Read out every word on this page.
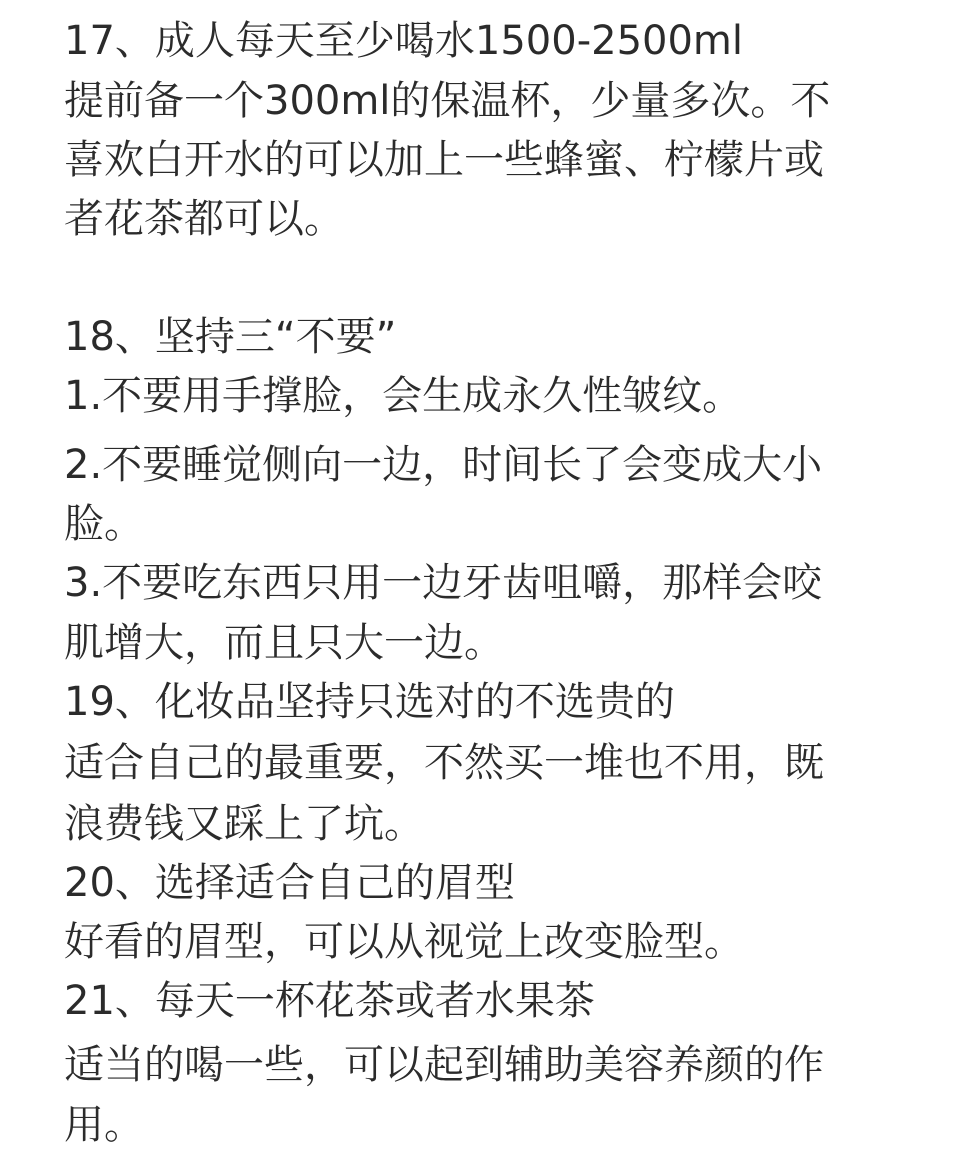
17、成人每天至少喝水1500-2500ml
提前备一个300ml的保温杯，少量多次。不
喜欢白开水的可以加上一些蜂蜜、柠檬片或
者花茶都可以。
18、坚持三“不要”
1.不要用手撑脸，会生成永久性皱纹。
2.不要睡觉侧向一边，时间长了会变成大小
脸。
3.不要吃东西只用一边牙齿咀嚼，那样会咬
肌增大，而且只大一边。
19、化妆品坚持只选对的不选贵的
适合自己的最重要，不然买一堆也不用，既
浪费钱又踩上了坑。
20、选择适合自己的眉型
好看的眉型，可以从视觉上改变脸型。
21、每天一杯花茶或者水果茶
适当的喝一些，可以起到辅助美容养颜的作
用。
